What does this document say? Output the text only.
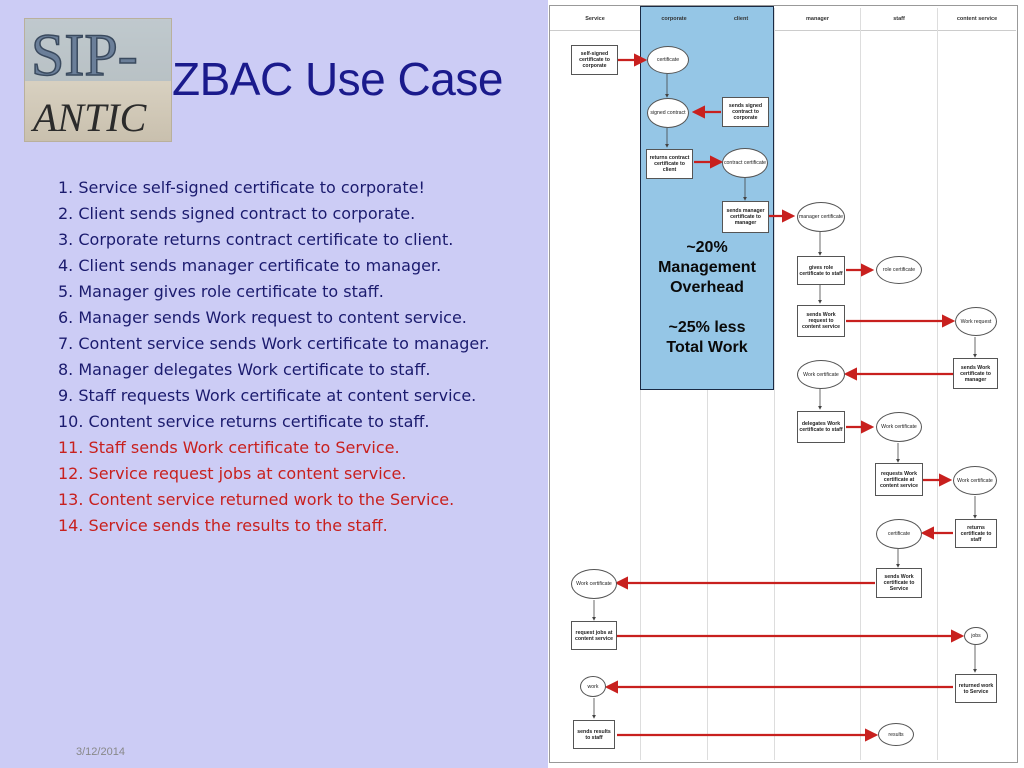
SIP-
ANTIC
ZBAC Use Case
1. Service self-signed certificate to corporate!
2. Client sends signed contract to corporate.
3. Corporate returns contract certificate to client.
4. Client sends manager certificate to manager.
5. Manager gives role certificate to staff.
6. Manager sends Work request to content service.
7. Content service sends Work certificate to manager.
8. Manager delegates Work certificate to staff.
9. Staff requests Work certificate at content service.
10. Content service returns certificate to staff.
11. Staff sends Work certificate to Service.
12. Service request jobs at content service.
13. Content service returned work to the Service.
14. Service sends the results to the staff.
3/12/2014
Service	corporate	client	manager	staff	content service
self-signed certificate to corporate
certificate
sends signed contract to corporate
signed contract
returns contract certificate to client
contract certificate
sends manager certificate to manager
manager certificate
gives role certificate to staff
role certificate
sends Work request to content service
Work request
sends Work certificate to manager
Work certificate
delegates Work certificate to staff	Work certificate
requests Work certificate at content service
Work certificate
returns certificate to staff
certificate
sends Work certificate to Service
Work certificate
request jobs at content service	jobs
returned work to Service
work
sends results to staff	results
~20%
Management
Overhead
~25% less
Total Work
